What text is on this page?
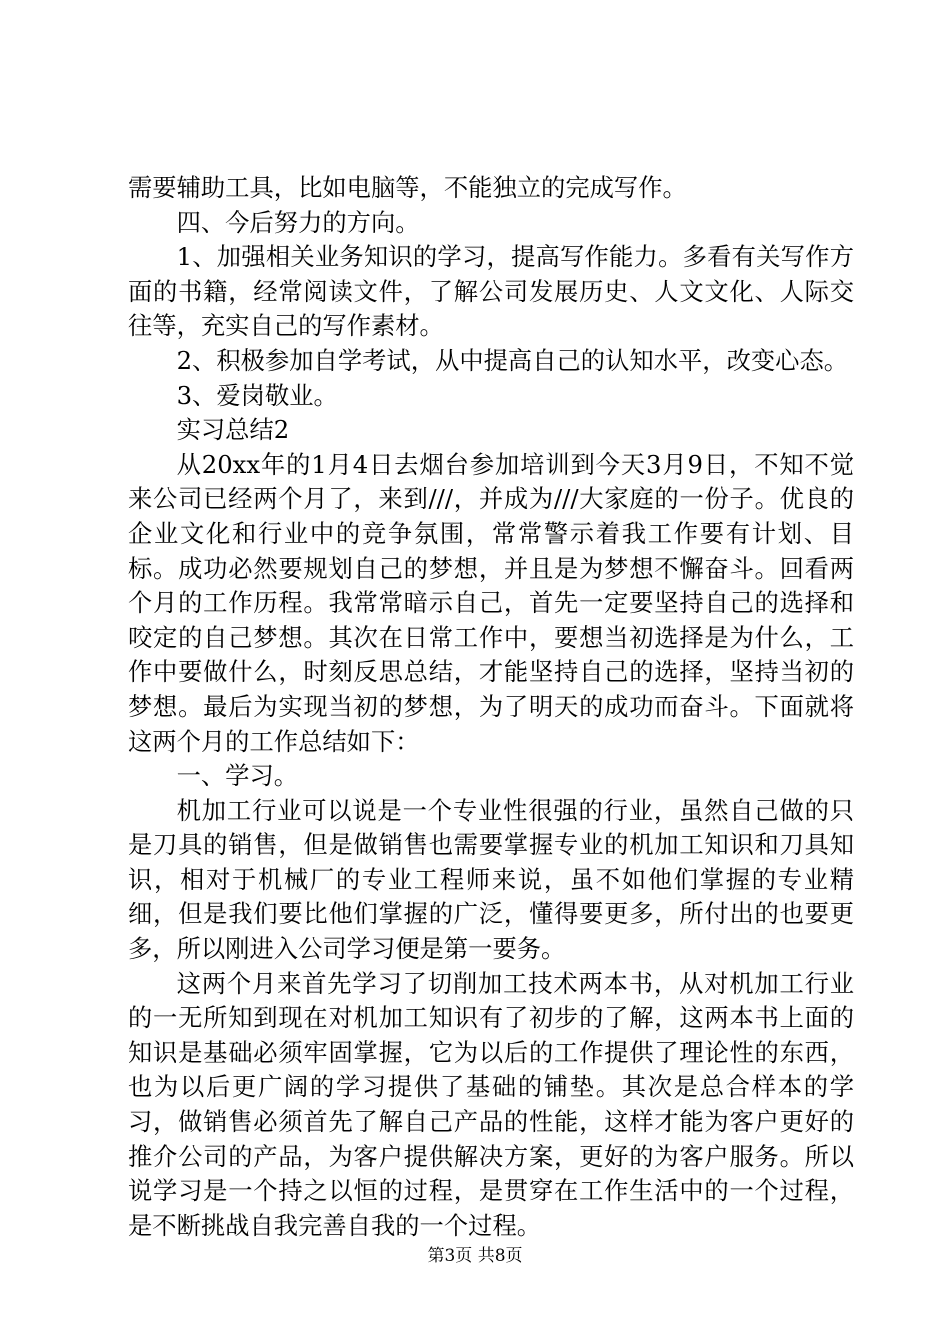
需要辅助工具，比如电脑等，不能独立的完成写作。

四、今后努力的方向。

1、加强相关业务知识的学习，提高写作能力。多看有关写作方面的书籍，经常阅读文件，了解公司发展历史、人文文化、人际交往等，充实自己的写作素材。

2、积极参加自学考试，从中提高自己的认知水平，改变心态。

3、爱岗敬业。

实习总结2

从20xx年的1月4日去烟台参加培训到今天3月9日，不知不觉来公司已经两个月了，来到///，并成为///大家庭的一份子。优良的企业文化和行业中的竞争氛围，常常警示着我工作要有计划、目标。成功必然要规划自己的梦想，并且是为梦想不懈奋斗。回看两个月的工作历程。我常常暗示自己，首先一定要坚持自己的选择和咬定的自己梦想。其次在日常工作中，要想当初选择是为什么，工作中要做什么，时刻反思总结，才能坚持自己的选择，坚持当初的梦想。最后为实现当初的梦想，为了明天的成功而奋斗。下面就将这两个月的工作总结如下：

一、学习。

机加工行业可以说是一个专业性很强的行业，虽然自己做的只是刀具的销售，但是做销售也需要掌握专业的机加工知识和刀具知识，相对于机械厂的专业工程师来说，虽不如他们掌握的专业精细，但是我们要比他们掌握的广泛，懂得要更多，所付出的也要更多，所以刚进入公司学习便是第一要务。

这两个月来首先学习了切削加工技术两本书，从对机加工行业的一无所知到现在对机加工知识有了初步的了解，这两本书上面的知识是基础必须牢固掌握，它为以后的工作提供了理论性的东西，也为以后更广阔的学习提供了基础的铺垫。其次是总合样本的学习，做销售必须首先了解自己产品的性能，这样才能为客户更好的推介公司的产品，为客户提供解决方案，更好的为客户服务。所以说学习是一个持之以恒的过程，是贯穿在工作生活中的一个过程，是不断挑战自我完善自我的一个过程。

第3页 共8页
